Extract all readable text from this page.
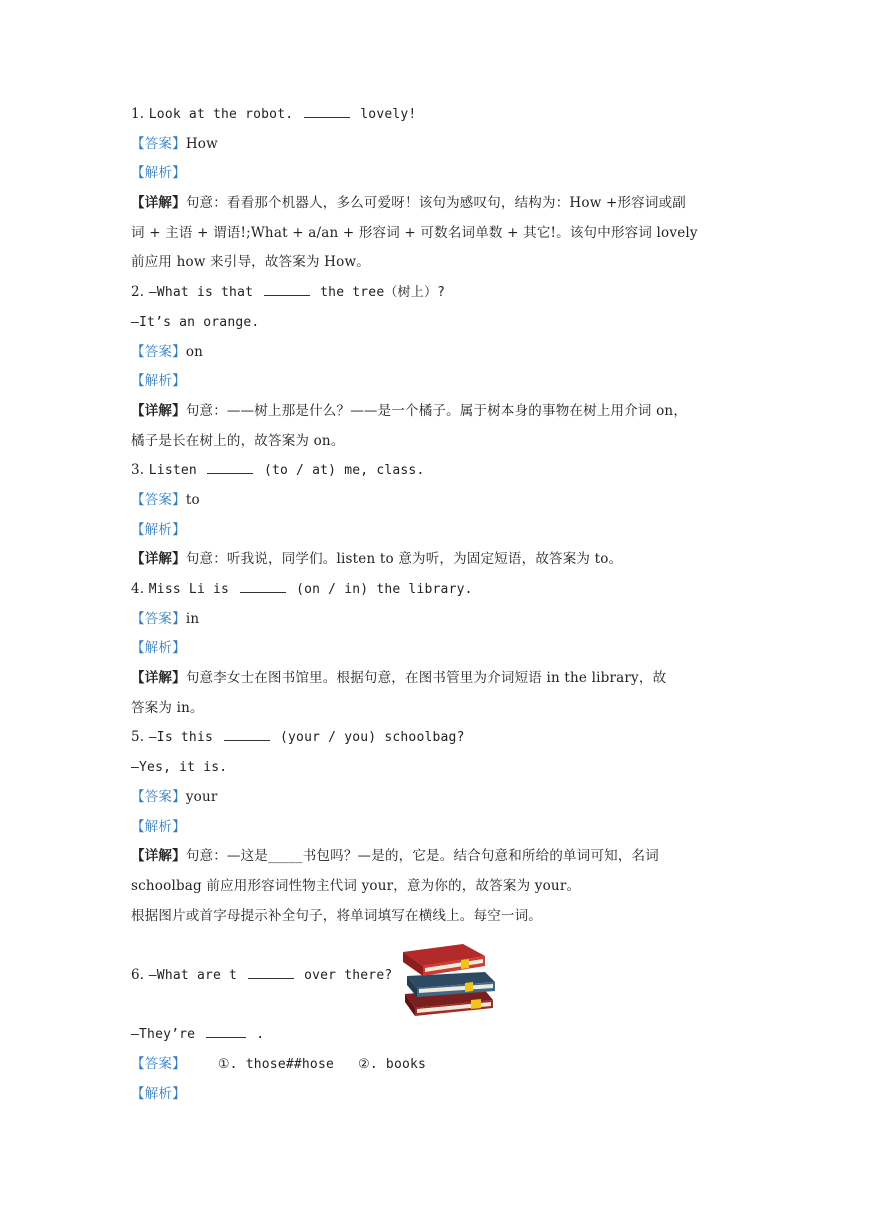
1. Look at the robot.	lovely!
【答案】How
【解析】
【详解】句意：看看那个机器人，多么可爱呀！该句为感叹句，结构为：How +形容词或副
词 + 主语 + 谓语!;What + a/an + 形容词 + 可数名词单数 + 其它!。该句中形容词 lovely
前应用 how 来引导，故答案为 How。
2. —What is that	the tree（树上）?
—It’s an orange.
【答案】on
【解析】
【详解】句意：——树上那是什么？——是一个橘子。属于树本身的事物在树上用介词 on，
橘子是长在树上的，故答案为 on。
3. Listen	(to / at) me, class.
【答案】to
【解析】
【详解】句意：听我说，同学们。listen to 意为听，为固定短语，故答案为 to。
4. Miss Li is	(on / in) the library.
【答案】in
【解析】
【详解】句意李女士在图书馆里。根据句意，在图书管里为介词短语 in the library，故
答案为 in。
5. —Is this	(your / you) schoolbag?
—Yes, it is.
【答案】your
【解析】
【详解】句意：—这是_____书包吗？—是的，它是。结合句意和所给的单词可知，名词
schoolbag 前应用形容词性物主代词 your，意为你的，故答案为 your。
根据图片或首字母提示补全句子，将单词填写在横线上。每空一词。
6. —What are t	over there?
—They’re	.
【答案】 ①. those##hose ②. books
【解析】
